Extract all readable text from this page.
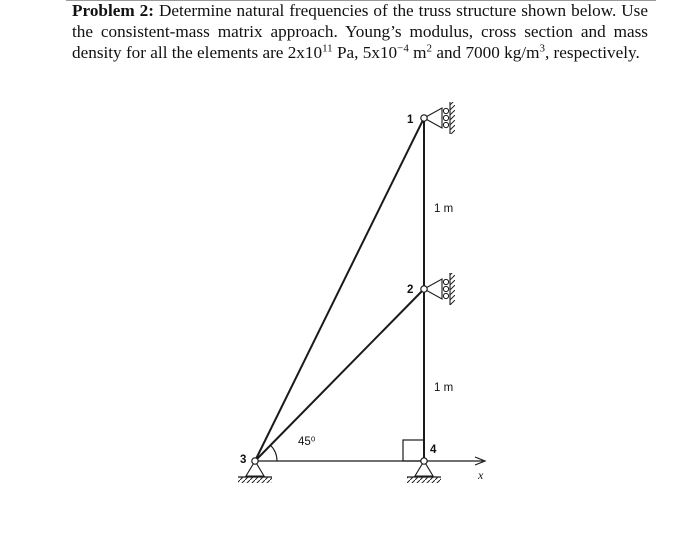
Problem 2: Determine natural frequencies of the truss structure shown below. Use the consistent-mass matrix approach. Young’s modulus, cross section and mass density for all the elements are $2x10^{11}$ Pa, $5x10^{-4}$ $m^2$ and 7000 $kg/m^3$, respectively.
x
45⁰
1 m
1 m
1
2
3
4
